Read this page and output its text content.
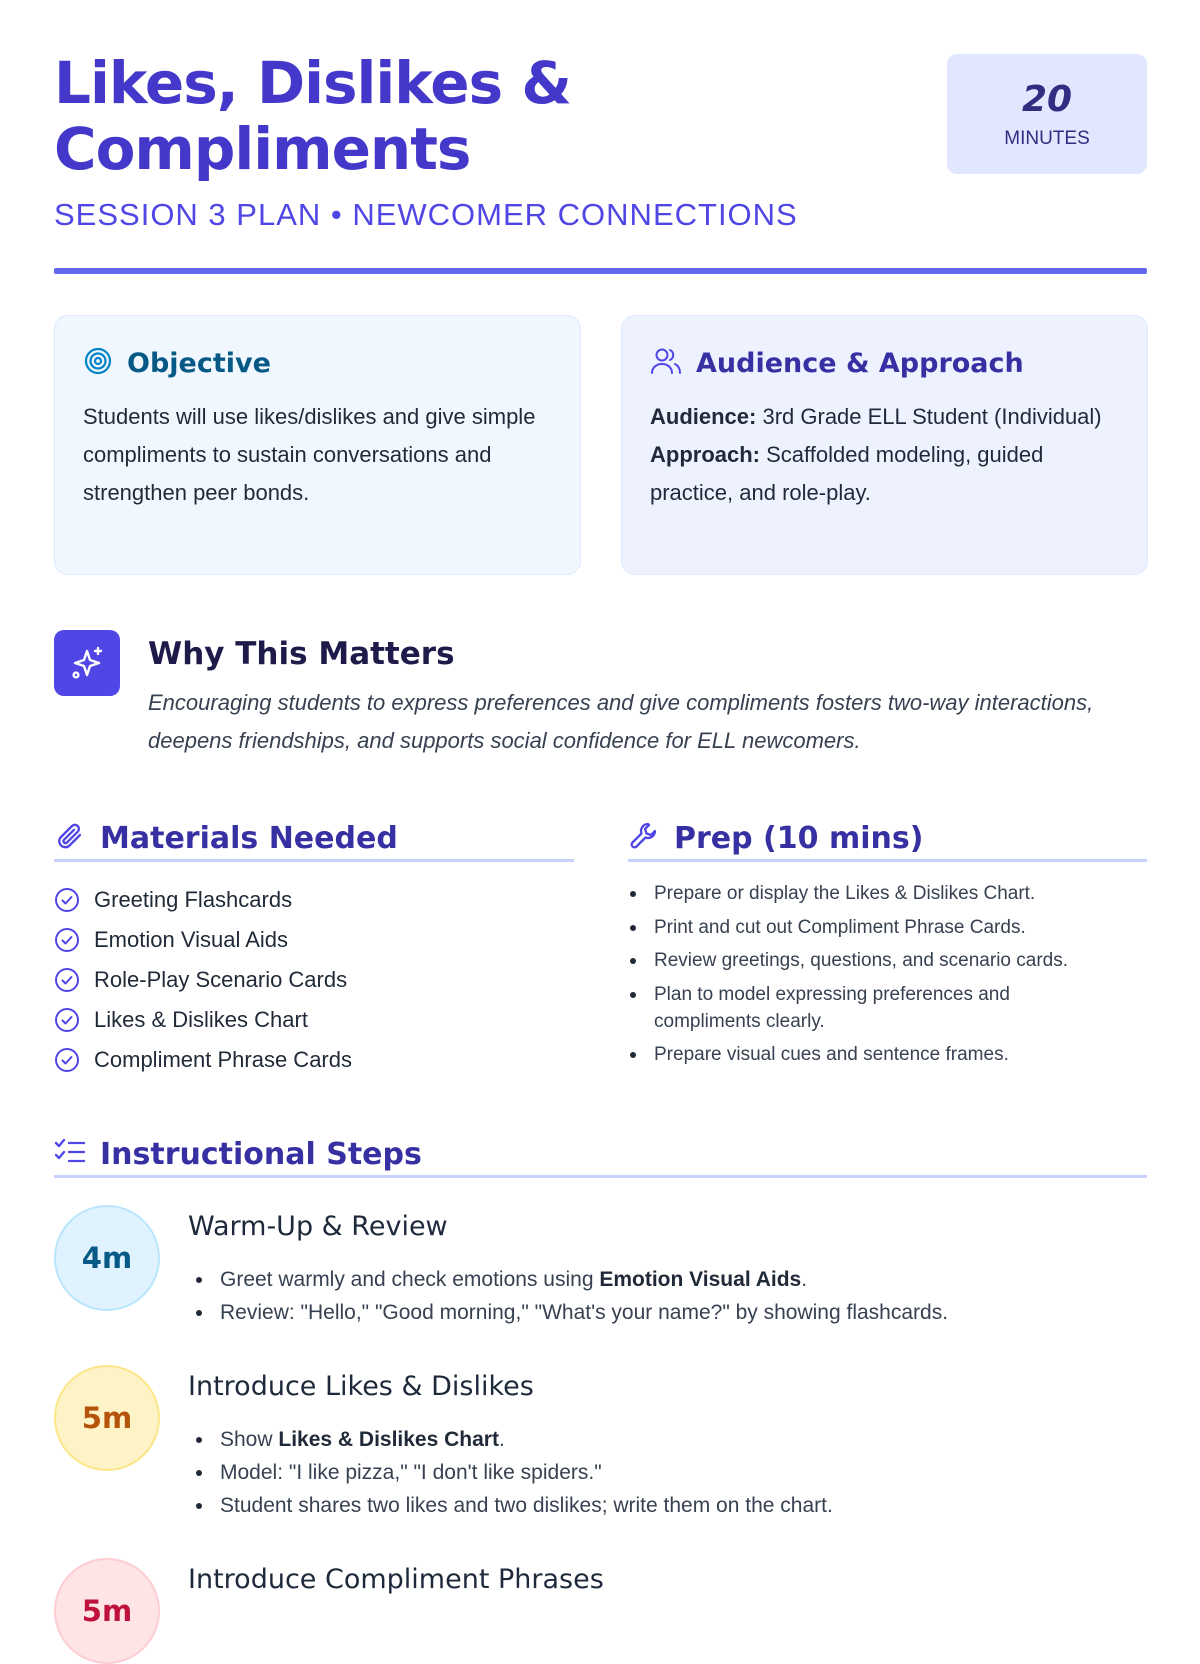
Likes, Dislikes & Compliments
SESSION 3 PLAN • NEWCOMER CONNECTIONS
20
MINUTES
Objective

Students will use likes/dislikes and give simple compliments to sustain conversations and strengthen peer bonds.

Audience & Approach

Audience: 3rd Grade ELL Student (Individual)
Approach: Scaffolded modeling, guided practice, and role-play.

Why This Matters

Encouraging students to express preferences and give compliments fosters two-way interactions, deepens friendships, and supports social confidence for ELL newcomers.

Materials Needed
Greeting Flashcards
Emotion Visual Aids
Role-Play Scenario Cards
Likes & Dislikes Chart
Compliment Phrase Cards
Prep (10 mins)
Prepare or display the Likes & Dislikes Chart.
Print and cut out Compliment Phrase Cards.
Review greetings, questions, and scenario cards.
Plan to model expressing preferences and compliments clearly.
Prepare visual cues and sentence frames.
Instructional Steps
4m
Warm-Up & Review
Greet warmly and check emotions using Emotion Visual Aids.
Review: "Hello," "Good morning," "What's your name?" by showing flashcards.
5m
Introduce Likes & Dislikes
Show Likes & Dislikes Chart.
Model: "I like pizza," "I don't like spiders."
Student shares two likes and two dislikes; write them on the chart.
5m
Introduce Compliment Phrases
